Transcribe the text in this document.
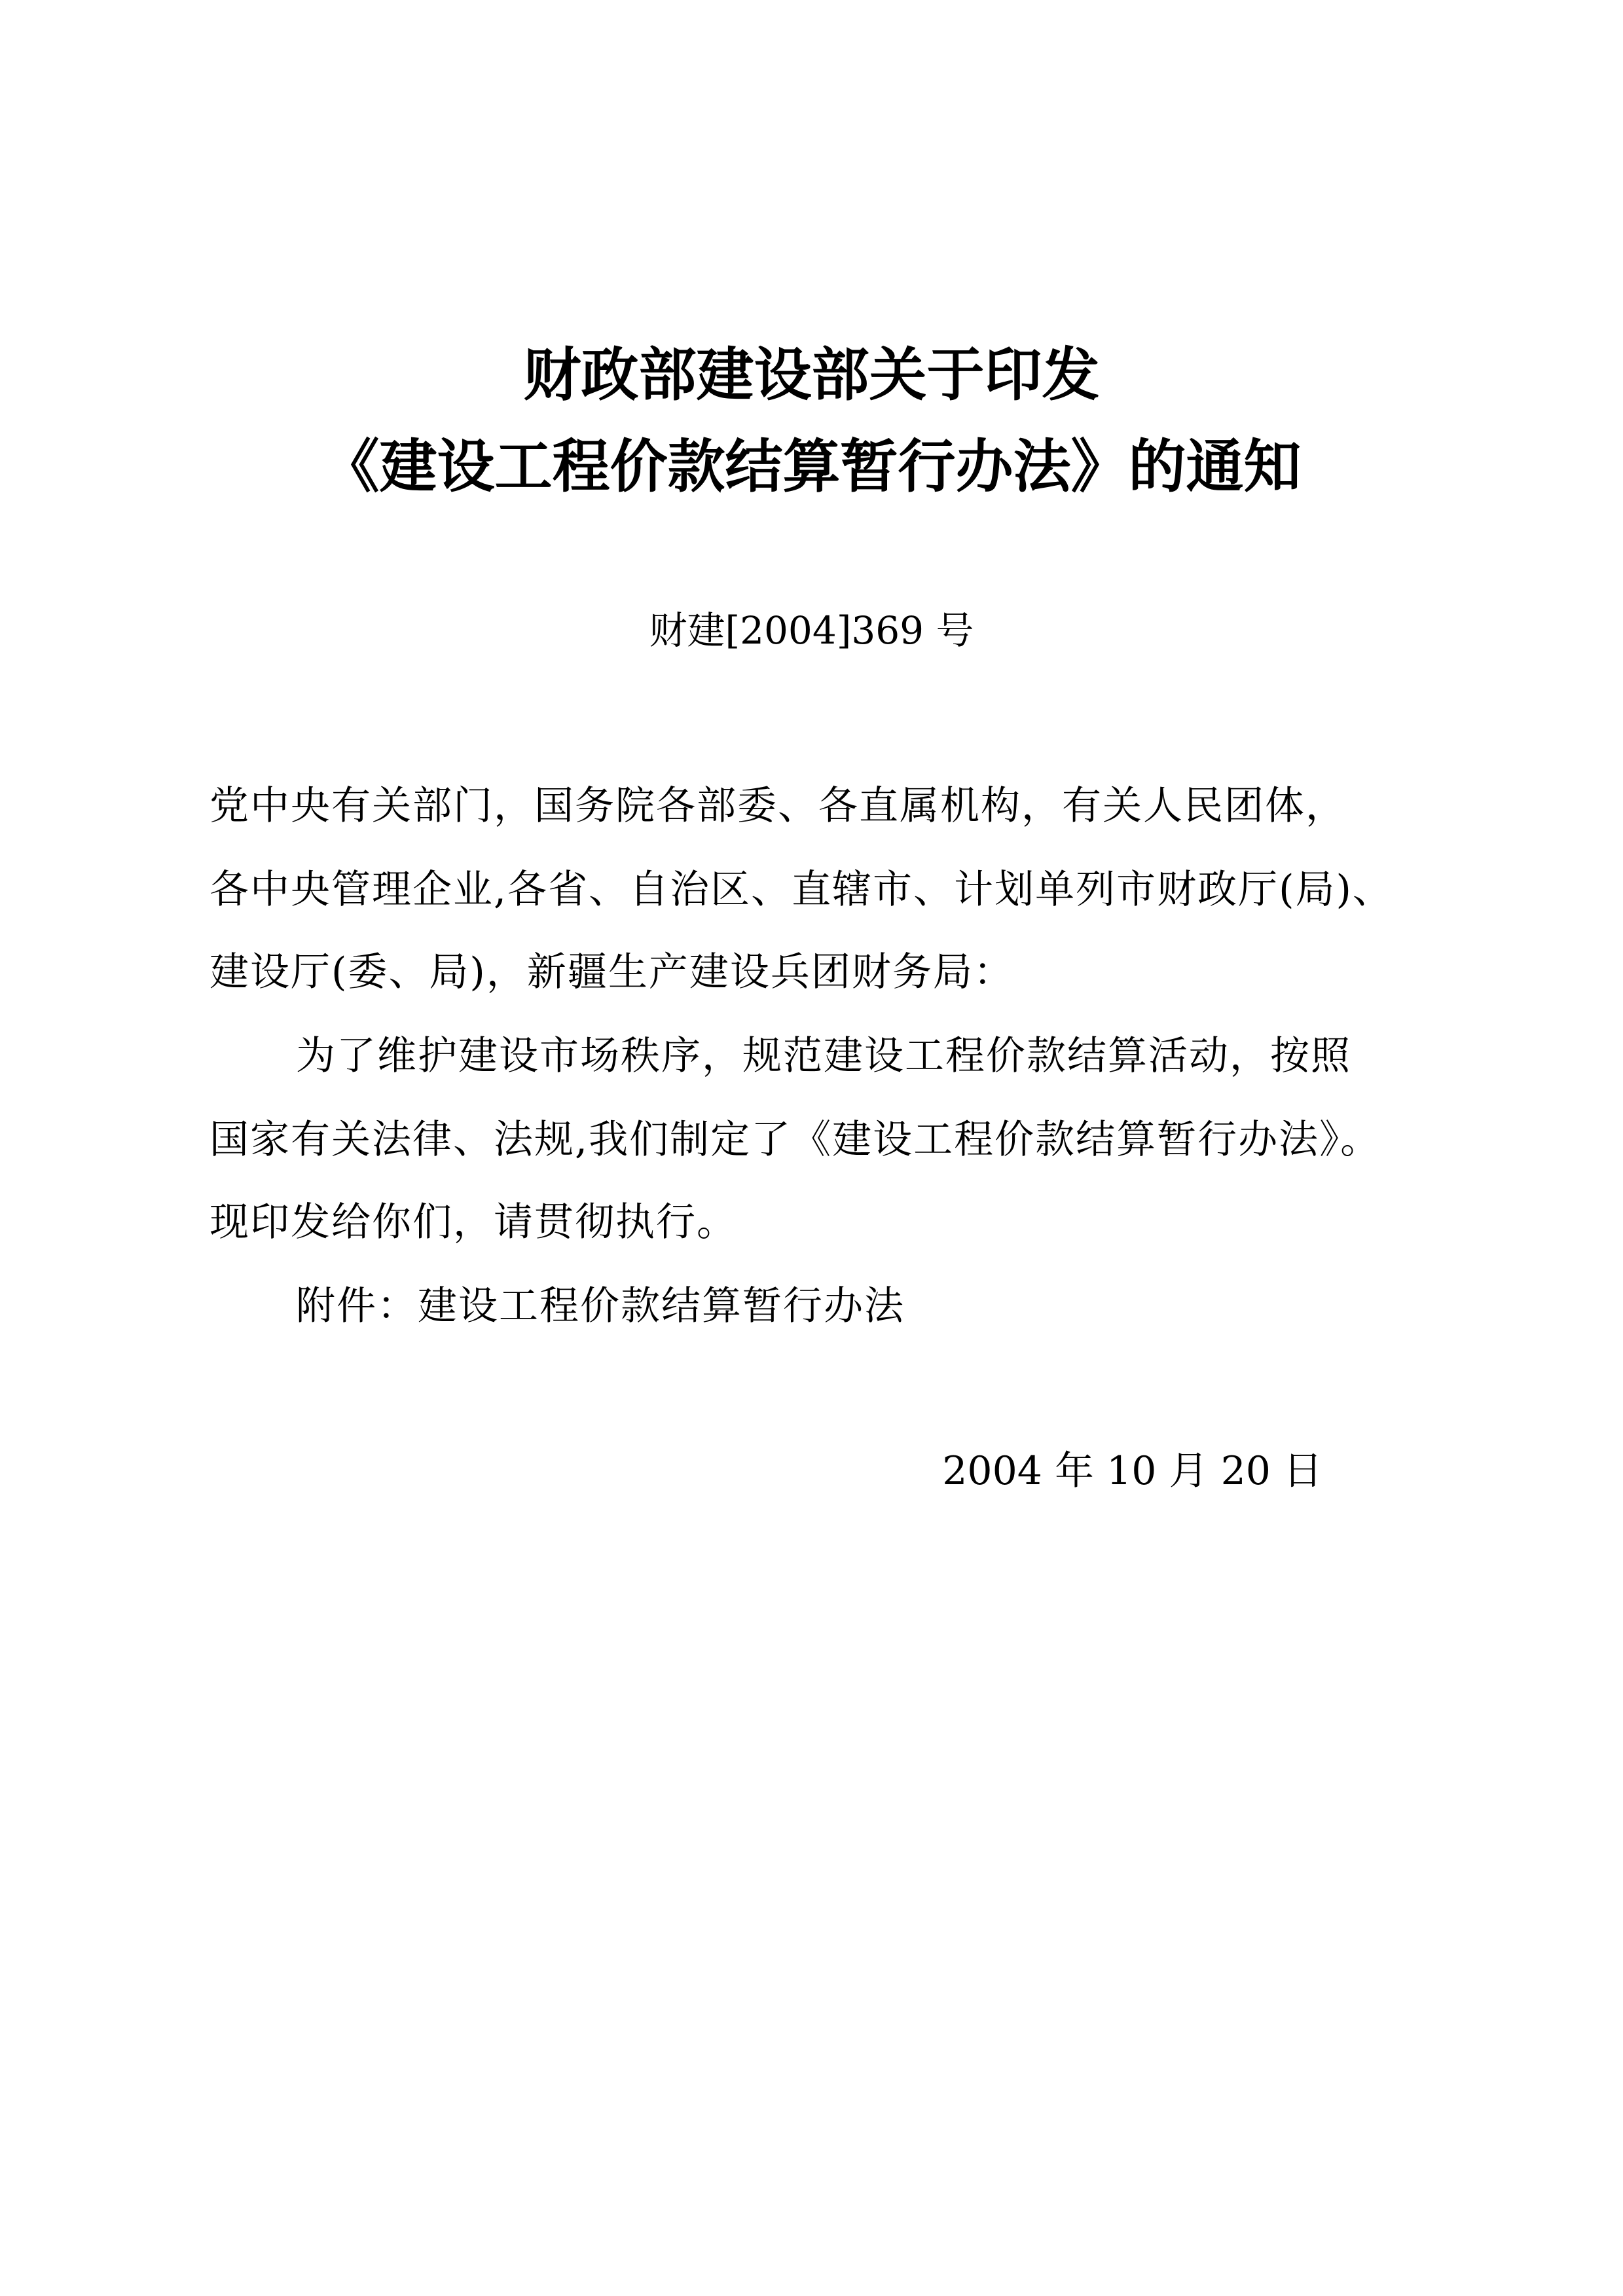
财政部建设部关于印发
《建设工程价款结算暂行办法》的通知
财建[2004]369 号
党中央有关部门，国务院各部委、各直属机构，有关人民团体，
各中央管理企业,各省、自治区、直辖市、计划单列市财政厅(局)、
建设厅(委、局)，新疆生产建设兵团财务局：
为了维护建设市场秩序，规范建设工程价款结算活动，按照
国家有关法律、法规,我们制定了《建设工程价款结算暂行办法》。
现印发给你们，请贯彻执行。
附件：建设工程价款结算暂行办法
2004 年 10 月 20 日
